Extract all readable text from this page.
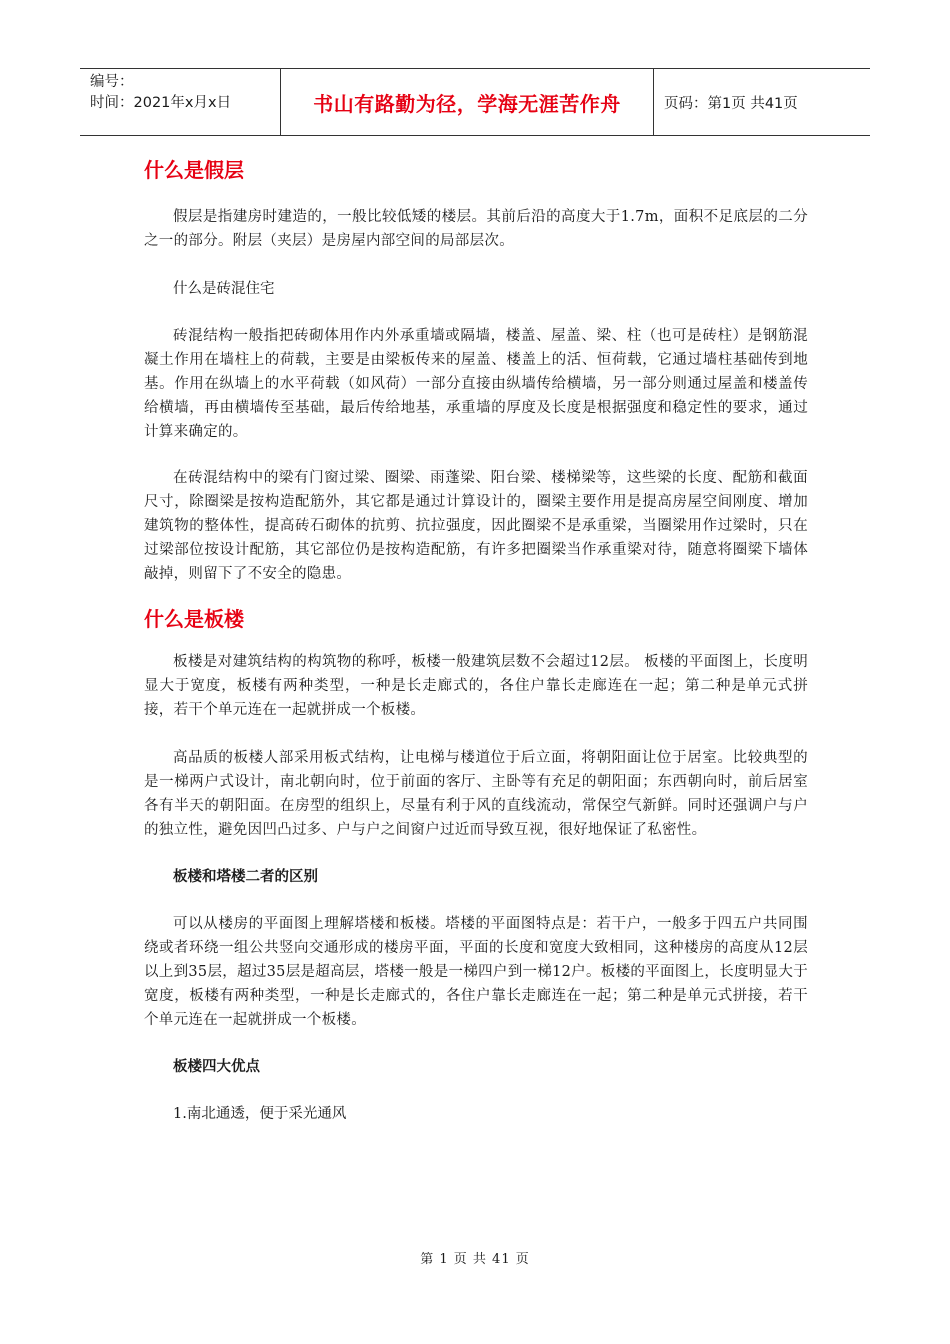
编号：
时间：2021年x月x日	书山有路勤为径，学海无涯苦作舟	页码：第1页 共41页
什么是假层

假层是指建房时建造的，一般比较低矮的楼层。其前后沿的高度大于1.7m，面积不足底层的二分之一的部分。附层（夹层）是房屋内部空间的局部层次。

什么是砖混住宅

砖混结构一般指把砖砌体用作内外承重墙或隔墙，楼盖、屋盖、梁、柱（也可是砖柱）是钢筋混凝土作用在墙柱上的荷载，主要是由梁板传来的屋盖、楼盖上的活、恒荷载，它通过墙柱基础传到地基。作用在纵墙上的水平荷载（如风荷）一部分直接由纵墙传给横墙，另一部分则通过屋盖和楼盖传给横墙，再由横墙传至基础，最后传给地基，承重墙的厚度及长度是根据强度和稳定性的要求，通过计算来确定的。

在砖混结构中的梁有门窗过梁、圈梁、雨蓬梁、阳台梁、楼梯梁等，这些梁的长度、配筋和截面尺寸，除圈梁是按构造配筋外，其它都是通过计算设计的，圈梁主要作用是提高房屋空间刚度、增加建筑物的整体性，提高砖石砌体的抗剪、抗拉强度，因此圈梁不是承重梁，当圈梁用作过梁时，只在过梁部位按设计配筋，其它部位仍是按构造配筋，有许多把圈梁当作承重梁对待，随意将圈梁下墙体敲掉，则留下了不安全的隐患。

什么是板楼

板楼是对建筑结构的构筑物的称呼，板楼一般建筑层数不会超过12层。 板楼的平面图上，长度明显大于宽度，板楼有两种类型，一种是长走廊式的，各住户靠长走廊连在一起；第二种是单元式拼接，若干个单元连在一起就拼成一个板楼。

高品质的板楼人部采用板式结构，让电梯与楼道位于后立面，将朝阳面让位于居室。比较典型的是一梯两户式设计，南北朝向时，位于前面的客厅、主卧等有充足的朝阳面；东西朝向时，前后居室各有半天的朝阳面。在房型的组织上，尽量有利于风的直线流动，常保空气新鲜。同时还强调户与户的独立性，避免因凹凸过多、户与户之间窗户过近而导致互视，很好地保证了私密性。

板楼和塔楼二者的区别

可以从楼房的平面图上理解塔楼和板楼。塔楼的平面图特点是：若干户，一般多于四五户共同围绕或者环绕一组公共竖向交通形成的楼房平面，平面的长度和宽度大致相同，这种楼房的高度从12层以上到35层，超过35层是超高层，塔楼一般是一梯四户到一梯12户。板楼的平面图上，长度明显大于宽度，板楼有两种类型，一种是长走廊式的，各住户靠长走廊连在一起；第二种是单元式拼接，若干个单元连在一起就拼成一个板楼。

板楼四大优点

1.南北通透，便于采光通风

第 1 页 共 41 页
